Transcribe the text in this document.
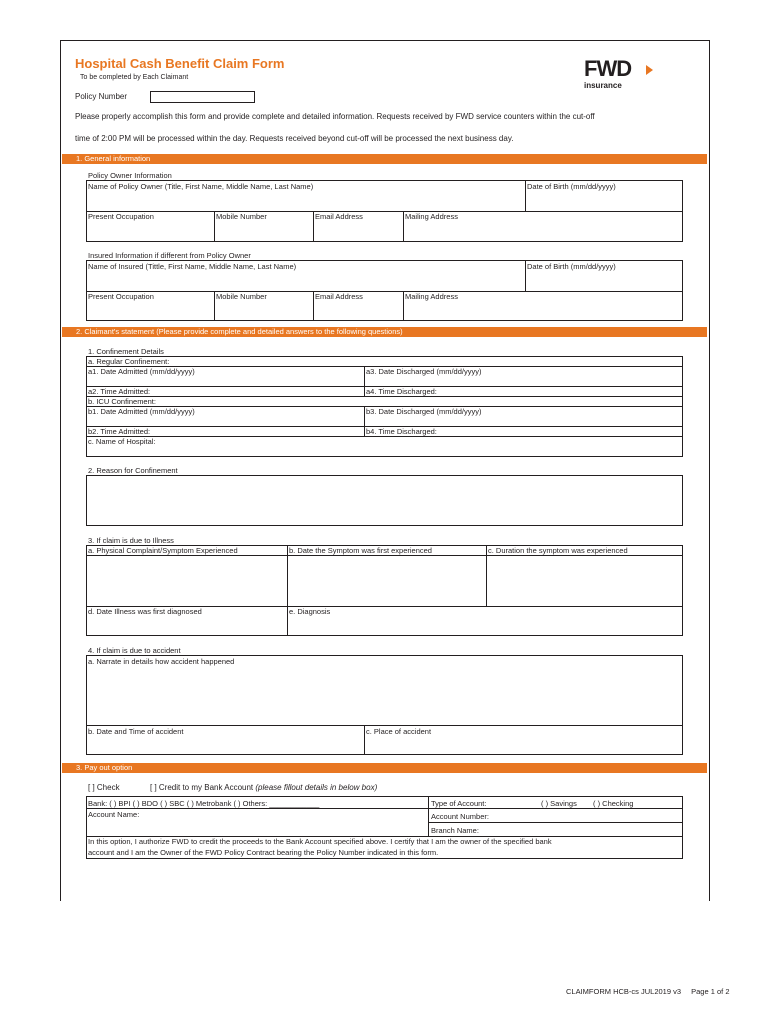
Hospital Cash Benefit Claim Form
To be completed by Each Claimant	FWD
insurance
Policy Number
Please properly accomplish this form and provide complete and detailed information. Requests received by FWD service counters within the cut-off
time of 2:00 PM will be processed within the day. Requests received beyond cut-off will be processed the next business day.
1. General information
Policy Owner Information
Name of Policy Owner (Title, First Name, Middle Name, Last Name)	Date of Birth (mm/dd/yyyy)
Present Occupation	Mobile Number	Email Address	Mailing Address
Insured Information if different from Policy Owner
Name of Insured (Tittle, First Name, Middle Name, Last Name)	Date of Birth (mm/dd/yyyy)
Present Occupation	Mobile Number	Email Address	Mailing Address
2. Claimant's statement (Please provide complete and detailed answers to the following questions)
1. Confinement Details
a. Regular Confinement:
a1. Date Admitted (mm/dd/yyyy)	a3. Date Discharged (mm/dd/yyyy)
a2. Time Admitted:	a4. Time Discharged:
b. ICU Confinement:
b1. Date Admitted (mm/dd/yyyy)	b3. Date Discharged (mm/dd/yyyy)
b2. Time Admitted:	b4. Time Discharged:
c. Name of Hospital:
2. Reason for Confinement
3. If claim is due to Illness
a. Physical Complaint/Symptom Experienced	b. Date the Symptom was first experienced	c. Duration the symptom was experienced
d. Date Illness was first diagnosed	e. Diagnosis
4. If claim is due to accident
a. Narrate in details how accident happened
b. Date and Time of accident	c. Place of accident
3. Pay out option
[ ] Check	[ ] Credit to my Bank Account (please fillout details in below box)
Bank: ( ) BPI ( ) BDO ( ) SBC ( ) Metrobank ( ) Others: ____________	Type of Account:	( ) Savings ( ) Checking
Account Name:	Account Number:
Branch Name:
In this option, I authorize FWD to credit the proceeds to the Bank Account specified above. I certify that I am the owner of the specified bank
account and I am the Owner of the FWD Policy Contract bearing the Policy Number indicated in this form.
CLAIMFORM HCB-cs JUL2019 v3 Page 1 of 2
